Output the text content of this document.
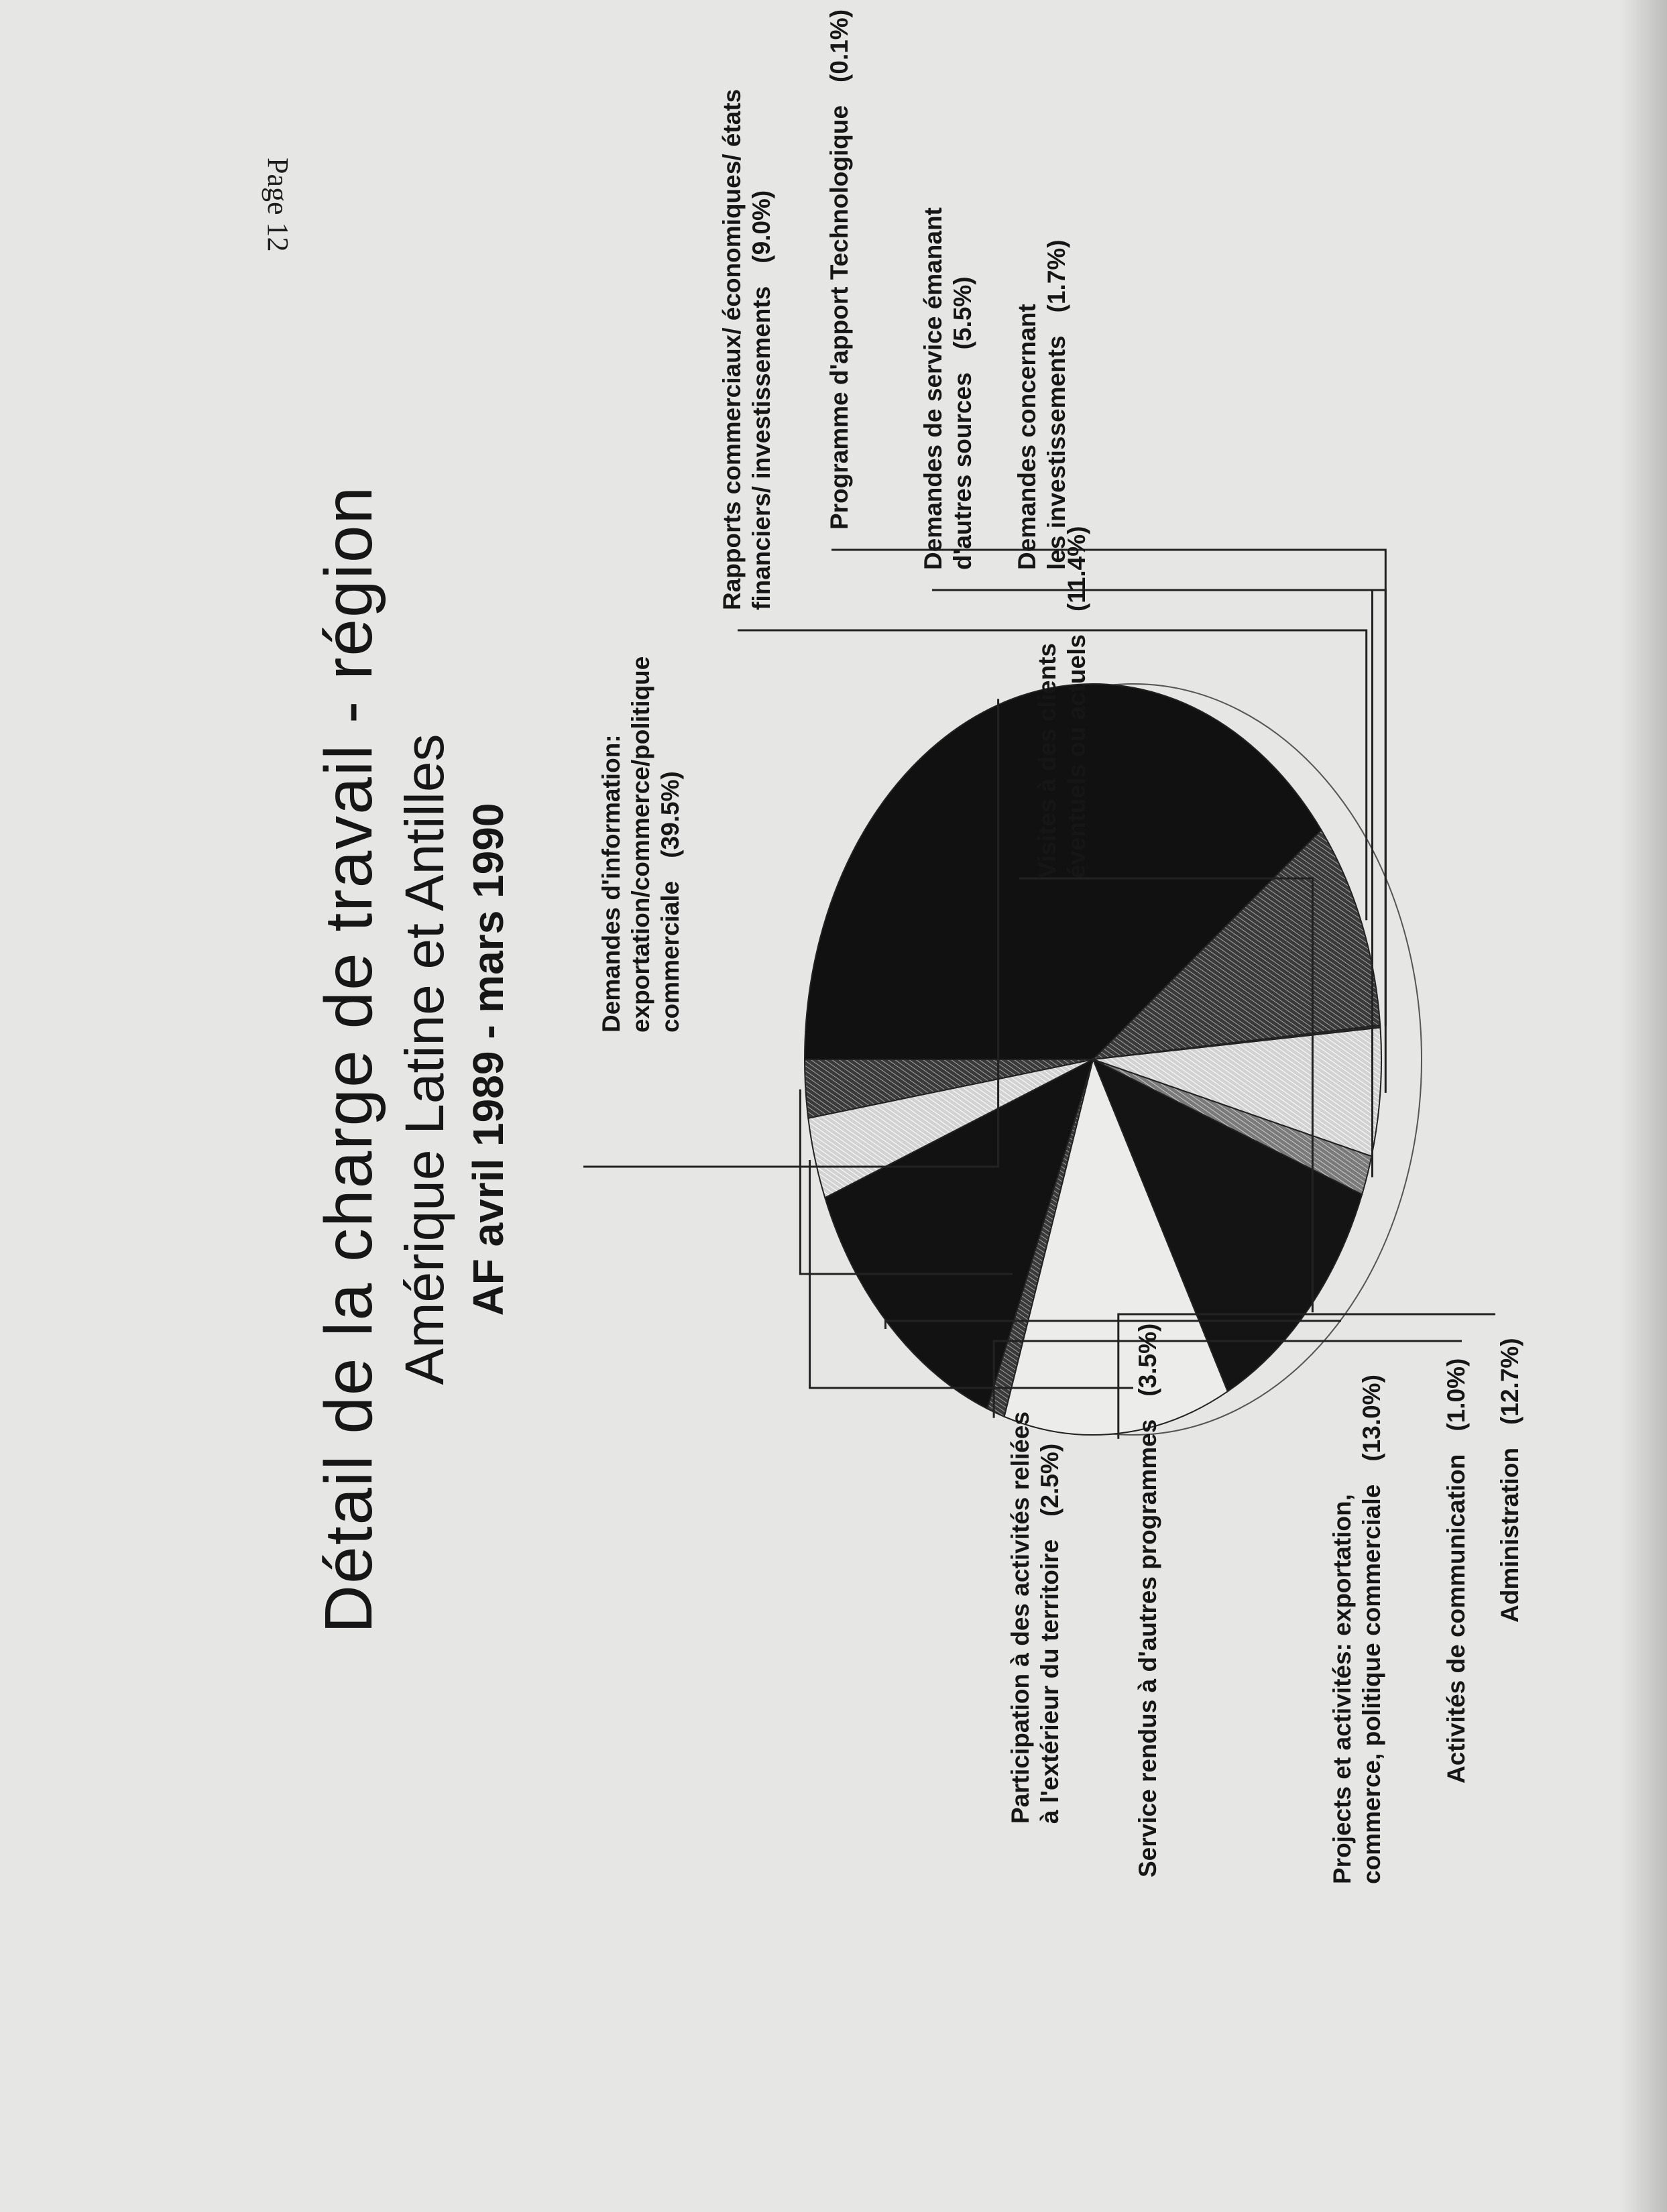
Page 12
Détail de la charge de travail - région Amérique Latine et Antilles AF avril 1989 - mars 1990	Demandes d'information: exportation/commerce/politique commerciale(39.5%)
Rapports commerciaux/ économiques/ états financiers/ investissements(9.0%) Programme d'apport Technologique(0.1%)
Demandes de service émanant d'autres sources(5.5%) Demandes concernant les investissements(1.7%)
Visites à des clients éventuels ou actuels(11.4%)
Administration(12.7%)
Activités de communication(1.0%)
Projects et activités: exportation, commerce, politique commerciale(13.0%)
Service rendus à d'autres programmes(3.5%)
Participation à des activités reliées à l'extérieur du territoire(2.5%)
